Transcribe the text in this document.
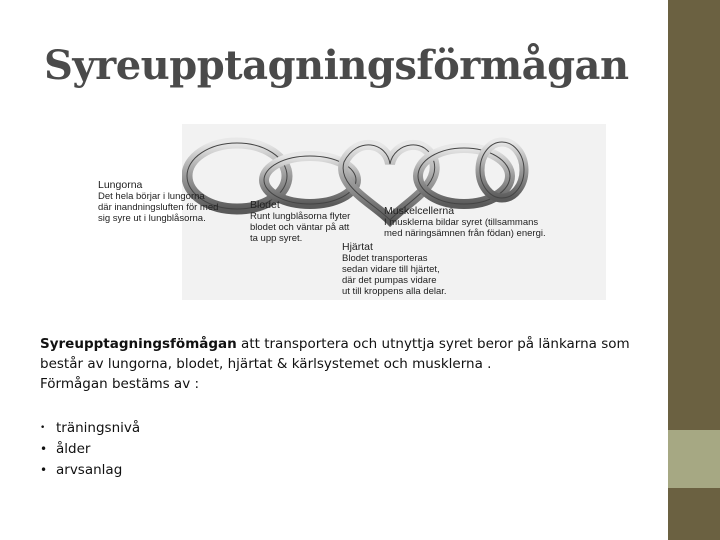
Syreupptagningsförmågan
Lungorna
Det hela börjar i lungorna
där inandningsluften för med
sig syre ut i lungblåsorna.
Blodet
Runt lungblåsorna flyter
blodet och väntar på att
ta upp syret.
Hjärtat
Blodet transporteras
sedan vidare till hjärtet,
där det pumpas vidare
ut till kroppens alla delar.
Muskelcellerna
I musklerna bildar syret (tillsammans
med näringsämnen från födan) energi.
Syreupptagningsfömågan att transportera och utnyttja syret beror på länkarna som
består av lungorna, blodet, hjärtat & kärlsystemet och musklerna .
Förmågan bestäms av :
• träningsnivå
• ålder
• arvsanlag
